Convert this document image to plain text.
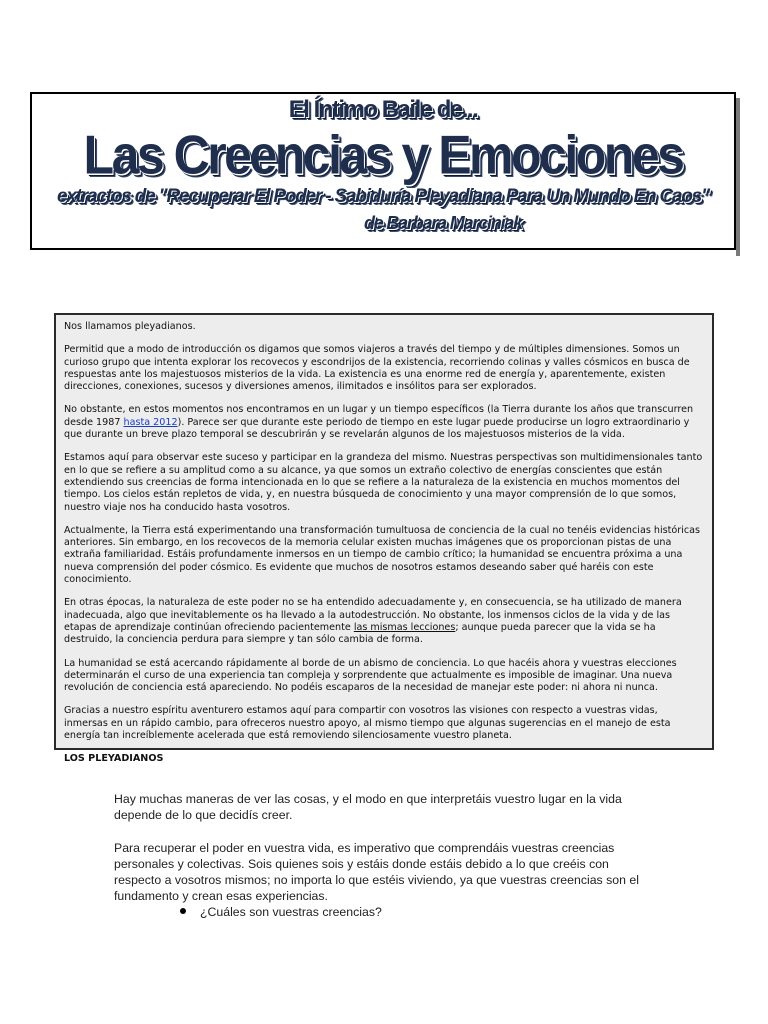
El Íntimo Baile de...
Las Creencias y Emociones
extractos de "Recuperar El Poder - Sabiduría Pleyadiana Para Un Mundo En Caos"
de Barbara Marciniak

Nos llamamos pleyadianos.

Permitid que a modo de introducción os digamos que somos viajeros a través del tiempo y de múltiples dimensiones. Somos un curioso grupo que intenta explorar los recovecos y escondrijos de la existencia, recorriendo colinas y valles cósmicos en busca de respuestas ante los majestuosos misterios de la vida. La existencia es una enorme red de energía y, aparentemente, existen direcciones, conexiones, sucesos y diversiones amenos, ilimitados e insólitos para ser explorados.

No obstante, en estos momentos nos encontramos en un lugar y un tiempo específicos (la Tierra durante los años que transcurren desde 1987 hasta 2012). Parece ser que durante este periodo de tiempo en este lugar puede producirse un logro extraordinario y que durante un breve plazo temporal se descubrirán y se revelarán algunos de los majestuosos misterios de la vida.

Estamos aquí para observar este suceso y participar en la grandeza del mismo. Nuestras perspectivas son multidimensionales tanto en lo que se refiere a su amplitud como a su alcance, ya que somos un extraño colectivo de energías conscientes que están extendiendo sus creencias de forma intencionada en lo que se refiere a la naturaleza de la existencia en muchos momentos del tiempo. Los cielos están repletos de vida, y, en nuestra búsqueda de conocimiento y una mayor comprensión de lo que somos, nuestro viaje nos ha conducido hasta vosotros.

Actualmente, la Tierra está experimentando una transformación tumultuosa de conciencia de la cual no tenéis evidencias históricas anteriores. Sin embargo, en los recovecos de la memoria celular existen muchas imágenes que os proporcionan pistas de una extraña familiaridad. Estáis profundamente inmersos en un tiempo de cambio crítico; la humanidad se encuentra próxima a una nueva comprensión del poder cósmico. Es evidente que muchos de nosotros estamos deseando saber qué haréis con este conocimiento.

En otras épocas, la naturaleza de este poder no se ha entendido adecuadamente y, en consecuencia, se ha utilizado de manera inadecuada, algo que inevitablemente os ha llevado a la autodestrucción. No obstante, los inmensos ciclos de la vida y de las etapas de aprendizaje continúan ofreciendo pacientemente las mismas lecciones; aunque pueda parecer que la vida se ha destruido, la conciencia perdura para siempre y tan sólo cambia de forma.

La humanidad se está acercando rápidamente al borde de un abismo de conciencia. Lo que hacéis ahora y vuestras elecciones determinarán el curso de una experiencia tan compleja y sorprendente que actualmente es imposible de imaginar. Una nueva revolución de conciencia está apareciendo. No podéis escaparos de la necesidad de manejar este poder: ni ahora ni nunca.

Gracias a nuestro espíritu aventurero estamos aquí para compartir con vosotros las visiones con respecto a vuestras vidas, inmersas en un rápido cambio, para ofreceros nuestro apoyo, al mismo tiempo que algunas sugerencias en el manejo de esta energía tan increíblemente acelerada que está removiendo silenciosamente vuestro planeta.

LOS PLEYADIANOS

Hay muchas maneras de ver las cosas, y el modo en que interpretáis vuestro lugar en la vida depende de lo que decidís creer.
Para recuperar el poder en vuestra vida, es imperativo que comprendáis vuestras creencias personales y colectivas. Sois quienes sois y estáis donde estáis debido a lo que creéis con respecto a vosotros mismos; no importa lo que estéis viviendo, ya que vuestras creencias son el fundamento y crean esas experiencias.
¿Cuáles son vuestras creencias?
